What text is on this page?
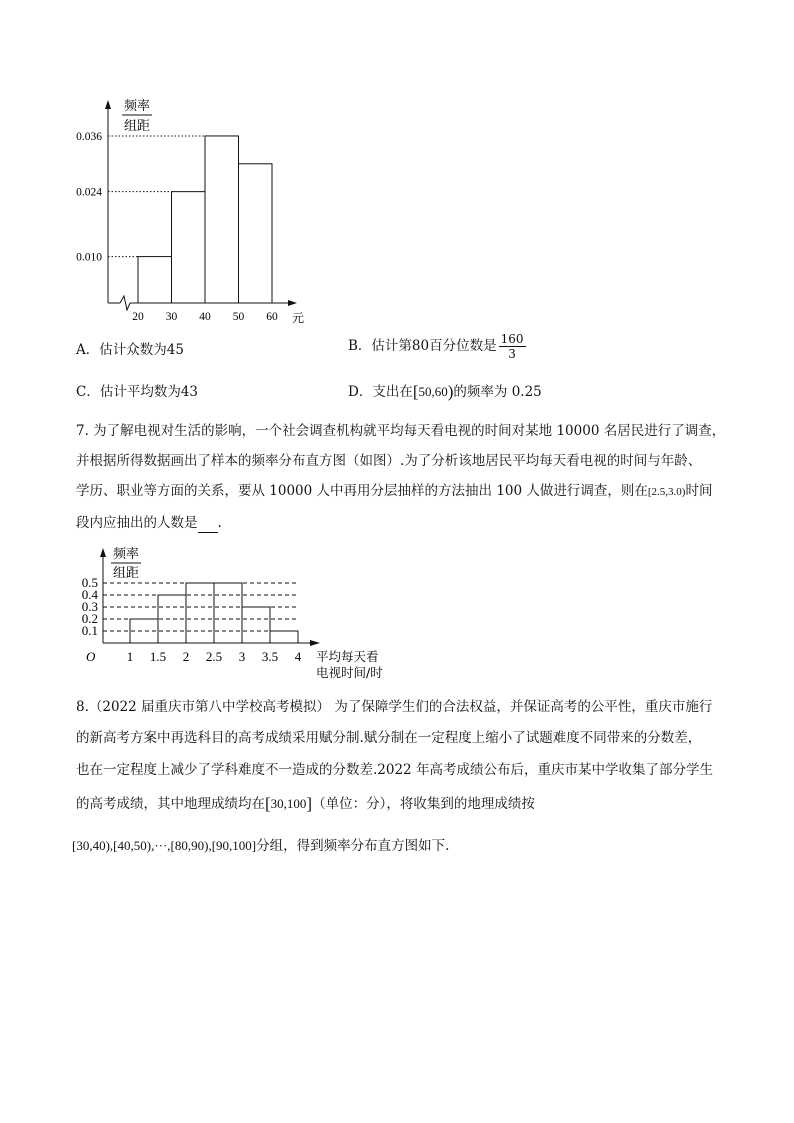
频率
组距
0.010
0.024
0.036
20 30 40 50 60 元
A．估计众数为45	B．估计第80百分位数是 $\frac{160}{3}$
C．估计平均数为43	D．支出在[50,60)的频率为 0.25
7. 为了解电视对生活的影响，一个社会调查机构就平均每天看电视的时间对某地 10000 名居民进行了调查，
并根据所得数据画出了样本的频率分布直方图（如图）.为了分析该地居民平均每天看电视的时间与年龄、
学历、职业等方面的关系，要从 10000 人中再用分层抽样的方法抽出 100 人做进行调查，则在[2.5,3.0)时间
段内应抽出的人数是 .
频率
组距
0.1
0.2
0.3
0.4
0.5
1 1.5 2 2.5 3 3.5 4
O	平均每天看
电视时间/时
8.（2022 届重庆市第八中学校高考模拟） 为了保障学生们的合法权益，并保证高考的公平性，重庆市施行
的新高考方案中再选科目的高考成绩采用赋分制.赋分制在一定程度上缩小了试题难度不同带来的分数差，
也在一定程度上减少了学科难度不一造成的分数差.2022 年高考成绩公布后，重庆市某中学收集了部分学生
的高考成绩，其中地理成绩均在[30,100]（单位：分），将收集到的地理成绩按
[30,40),[40,50),···,[80,90),[90,100]分组，得到频率分布直方图如下.
